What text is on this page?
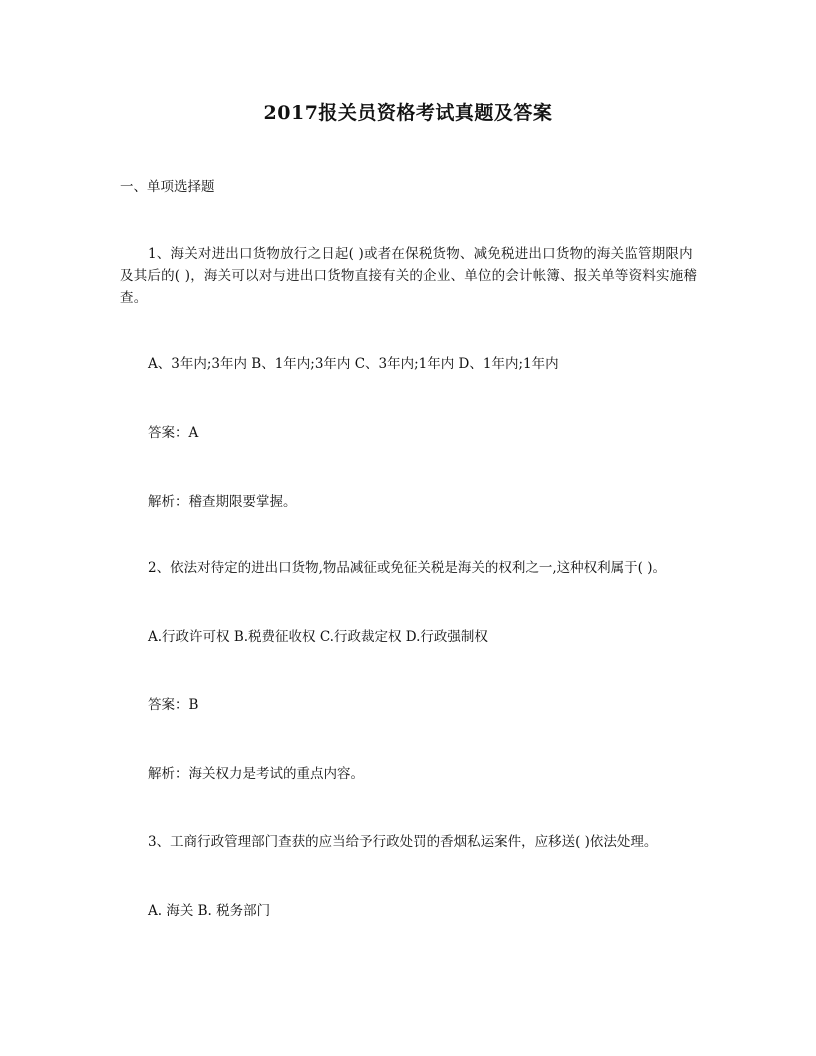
2017报关员资格考试真题及答案

一、单项选择题

1、海关对进出口货物放行之日起( )或者在保税货物、减免税进出口货物的海关监管期限内及其后的( )，海关可以对与进出口货物直接有关的企业、单位的会计帐簿、报关单等资料实施稽查。

A、3年内;3年内 B、1年内;3年内 C、3年内;1年内 D、1年内;1年内

答案：A

解析：稽查期限要掌握。

2、依法对待定的进出口货物,物品减征或免征关税是海关的权利之一,这种权利属于( )。

A.行政许可权 B.税费征收权 C.行政裁定权 D.行政强制权

答案：B

解析：海关权力是考试的重点内容。

3、工商行政管理部门查获的应当给予行政处罚的香烟私运案件，应移送( )依法处理。

A. 海关 B. 税务部门
